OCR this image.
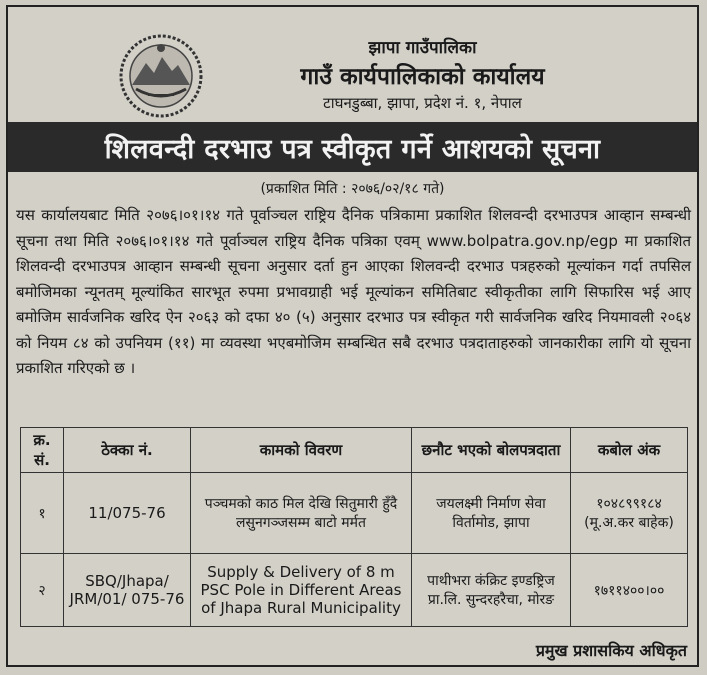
झापा गाउँपालिका
गाउँ कार्यपालिकाको कार्यालय
टाघनडुब्बा, झापा, प्रदेश नं. १, नेपाल
शिलवन्दी दरभाउ पत्र स्वीकृत गर्ने आशयको सूचना
(प्रकाशित मिति : २०७६/०२/१८ गते)
यस कार्यालयबाट मिति २०७६।०१।१४ गते पूर्वाञ्चल राष्ट्रिय दैनिक पत्रिकामा प्रकाशित शिलवन्दी दरभाउपत्र आव्हान सम्बन्धी सूचना तथा मिति २०७६।०१।१४ गते पूर्वाञ्चल राष्ट्रिय दैनिक पत्रिका एवम् www.bolpatra.gov.np/egp मा प्रकाशित शिलवन्दी दरभाउपत्र आव्हान सम्बन्धी सूचना अनुसार दर्ता हुन आएका शिलवन्दी दरभाउ पत्रहरुको मूल्यांकन गर्दा तपसिल बमोजिमका न्यूनतम् मूल्यांकित सारभूत रुपमा प्रभावग्राही भई मूल्यांकन समितिबाट स्वीकृतीका लागि सिफारिस भई आए बमोजिम सार्वजनिक खरिद ऐन २०६३ को दफा ४० (५) अनुसार दरभाउ पत्र स्वीकृत गरी सार्वजनिक खरिद नियमावली २०६४ को नियम ८४ को उपनियम (११) मा व्यवस्था भएबमोजिम सम्बन्धित सबै दरभाउ पत्रदाताहरुको जानकारीका लागि यो सूचना प्रकाशित गरिएको छ ।
क्र. सं.	ठेक्का नं.	कामको विवरण	छनौट भएको बोलपत्रदाता	कबोल अंक
१	11/075-76	पञ्चमको काठ मिल देखि सितुमारी हुँदै लसुनगञ्जसम्म बाटो मर्मत	जयलक्ष्मी निर्माण सेवा विर्तामोड, झापा	१०४८९९१८४ (मू.अ.कर बाहेक)
२	SBQ/Jhapa/ JRM/01/ 075-76	Supply & Delivery of 8 m PSC Pole in Different Areas of Jhapa Rural Municipality	पाथीभरा कंक्रिट इण्डष्ट्रिज प्रा.लि. सुन्दरहरैचा, मोरङ	१७११४००।००
प्रमुख प्रशासकिय अधिकृत
